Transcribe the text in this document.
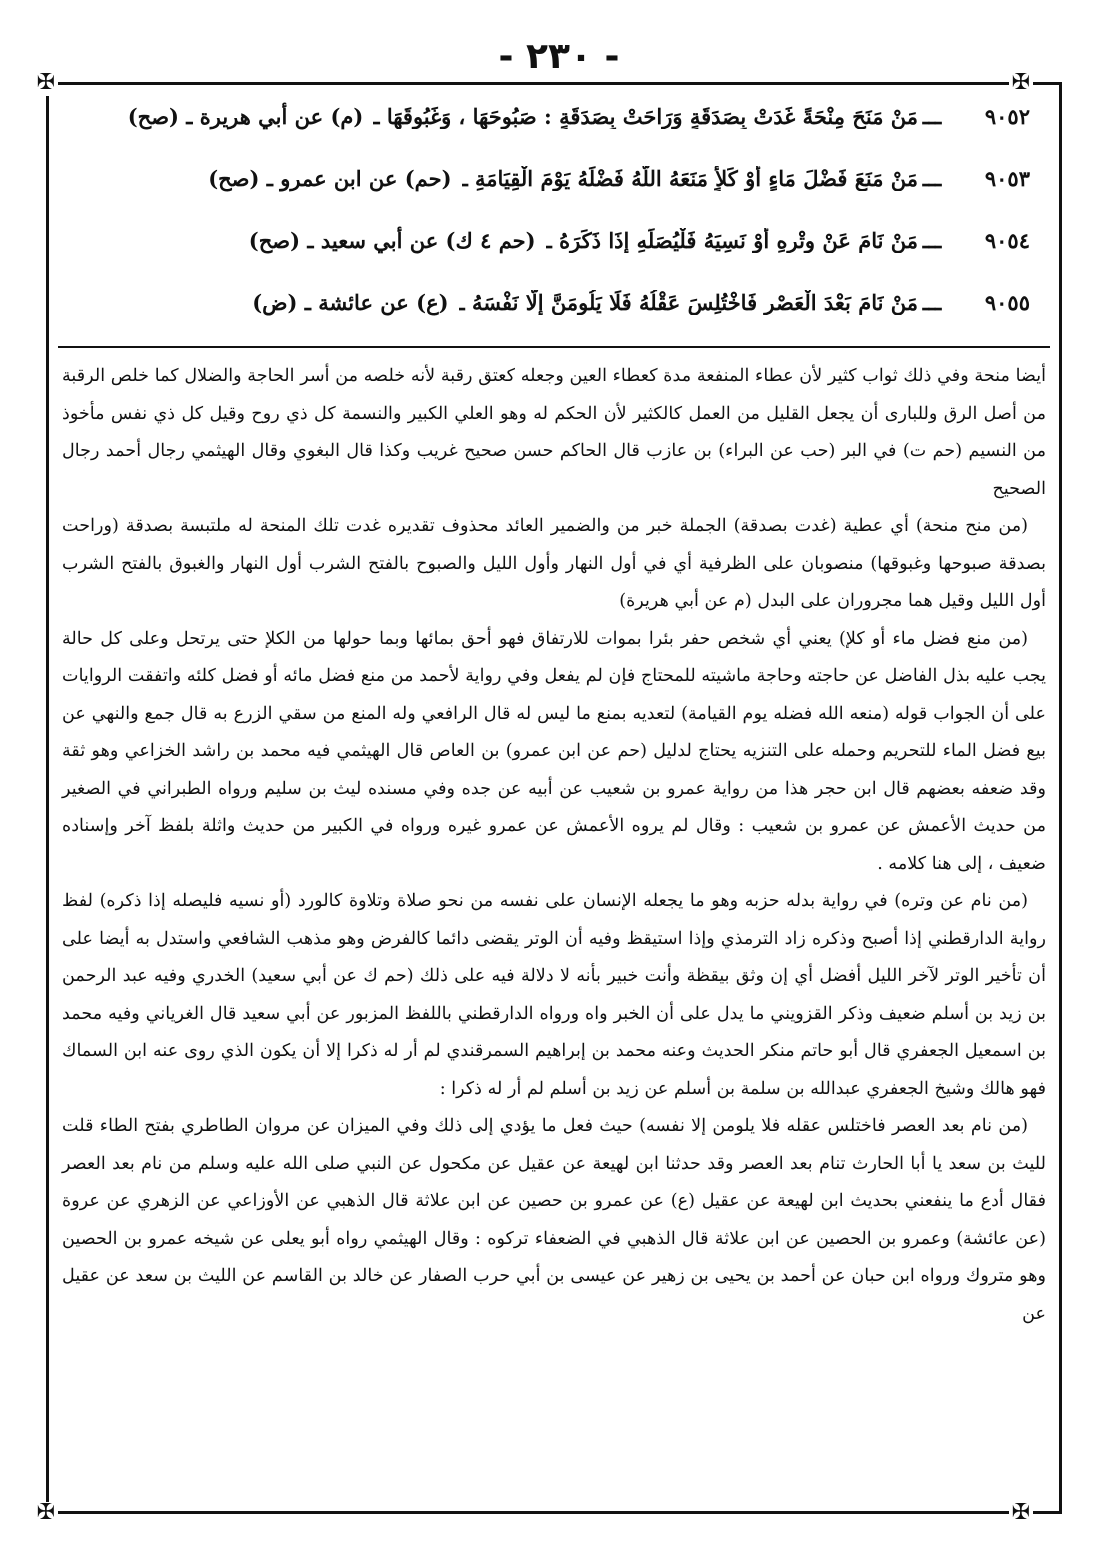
- ٢٣٠ -
✠	✠
✠	✠
٩٠٥٢
ـــ
مَنْ مَنَحَ مِنْحَةً غَدَتْ بِصَدَقَةٍ وَرَاحَتْ بِصَدَقَةٍ : صَبُوحَهَا ، وَغَبُوقَهَا ـ
(م) عن أبي هريرة ـ (صح)
٩٠٥٣
ـــ
مَنْ مَنَعَ فَضْلَ مَاءٍ أَوْ كَلأٍ مَنَعَهُ اللَّهُ فَضْلَهُ يَوْمَ الْقِيَامَةِ ـ
(حم) عن ابن عمرو ـ (صح)
٩٠٥٤
ـــ
مَنْ نَامَ عَنْ وِتْرِهِ أَوْ نَسِيَهُ فَلْيُصَلِّهِ إِذَا ذَكَرَهُ ـ
(حم ٤ ك) عن أبي سعيد ـ (صح)
٩٠٥٥
ـــ
مَنْ نَامَ بَعْدَ الْعَصْرِ فَاخْتُلِسَ عَقْلُهُ فَلَا يَلُومَنَّ إِلَّا نَفْسَهُ ـ
(ع) عن عائشة ـ (ض)

أيضا منحة وفي ذلك ثواب كثير لأن عطاء المنفعة مدة كعطاء العين وجعله كعتق رقبة لأنه خلصه من أسر الحاجة والضلال كما خلص الرقبة من أصل الرق وللبارى أن يجعل القليل من العمل كالكثير لأن الحكم له وهو العلي الكبير والنسمة كل ذي روح وقيل كل ذي نفس مأخوذ من النسيم (حم ت) في البر (حب عن البراء) بن عازب قال الحاكم حسن صحيح غريب وكذا قال البغوي وقال الهيثمي رجال أحمد رجال الصحيح

(من منح منحة) أي عطية (غدت بصدقة) الجملة خبر من والضمير العائد محذوف تقديره غدت تلك المنحة له ملتبسة بصدقة (وراحت بصدقة صبوحها وغبوقها) منصوبان على الظرفية أي في أول النهار وأول الليل والصبوح بالفتح الشرب أول النهار والغبوق بالفتح الشرب أول الليل وقيل هما مجروران على البدل (م عن أبي هريرة)

(من منع فضل ماء أو كلإ) يعني أي شخص حفر بئرا بموات للارتفاق فهو أحق بمائها وبما حولها من الكلإ حتى يرتحل وعلى كل حالة يجب عليه بذل الفاضل عن حاجته وحاجة ماشيته للمحتاج فإن لم يفعل وفي رواية لأحمد من منع فضل مائه أو فضل كلئه واتفقت الروايات على أن الجواب قوله (منعه الله فضله يوم القيامة) لتعديه بمنع ما ليس له قال الرافعي وله المنع من سقي الزرع به قال جمع والنهي عن بيع فضل الماء للتحريم وحمله على التنزيه يحتاج لدليل (حم عن ابن عمرو) بن العاص قال الهيثمي فيه محمد بن راشد الخزاعي وهو ثقة وقد ضعفه بعضهم قال ابن حجر هذا من رواية عمرو بن شعيب عن أبيه عن جده وفي مسنده ليث بن سليم ورواه الطبراني في الصغير من حديث الأعمش عن عمرو بن شعيب : وقال لم يروه الأعمش عن عمرو غيره ورواه في الكبير من حديث واثلة بلفظ آخر وإسناده ضعيف ، إلى هنا كلامه .

(من نام عن وتره) في رواية بدله حزبه وهو ما يجعله الإنسان على نفسه من نحو صلاة وتلاوة كالورد (أو نسيه فليصله إذا ذكره) لفظ رواية الدارقطني إذا أصبح وذكره زاد الترمذي وإذا استيقظ وفيه أن الوتر يقضى دائما كالفرض وهو مذهب الشافعي واستدل به أيضا على أن تأخير الوتر لآخر الليل أفضل أي إن وثق بيقظة وأنت خبير بأنه لا دلالة فيه على ذلك (حم ك عن أبي سعيد) الخدري وفيه عبد الرحمن بن زيد بن أسلم ضعيف وذكر القزويني ما يدل على أن الخبر واه ورواه الدارقطني باللفظ المزبور عن أبي سعيد قال الغرياني وفيه محمد بن اسمعيل الجعفري قال أبو حاتم منكر الحديث وعنه محمد بن إبراهيم السمرقندي لم أر له ذكرا إلا أن يكون الذي روى عنه ابن السماك فهو هالك وشيخ الجعفري عبدالله بن سلمة بن أسلم عن زيد بن أسلم لم أر له ذكرا :

(من نام بعد العصر فاختلس عقله فلا يلومن إلا نفسه) حيث فعل ما يؤدي إلى ذلك وفي الميزان عن مروان الطاطري بفتح الطاء قلت لليث بن سعد يا أبا الحارث تنام بعد العصر وقد حدثنا ابن لهيعة عن عقيل عن مكحول عن النبي صلى الله عليه وسلم من نام بعد العصر فقال أدع ما ينفعني بحديث ابن لهيعة عن عقيل (ع) عن عمرو بن حصين عن ابن علاثة قال الذهبي عن الأوزاعي عن الزهري عن عروة (عن عائشة) وعمرو بن الحصين عن ابن علاثة قال الذهبي في الضعفاء تركوه : وقال الهيثمي رواه أبو يعلى عن شيخه عمرو بن الحصين وهو متروك ورواه ابن حبان عن أحمد بن يحيى بن زهير عن عيسى بن أبي حرب الصفار عن خالد بن القاسم عن الليث بن سعد عن عقيل عن
